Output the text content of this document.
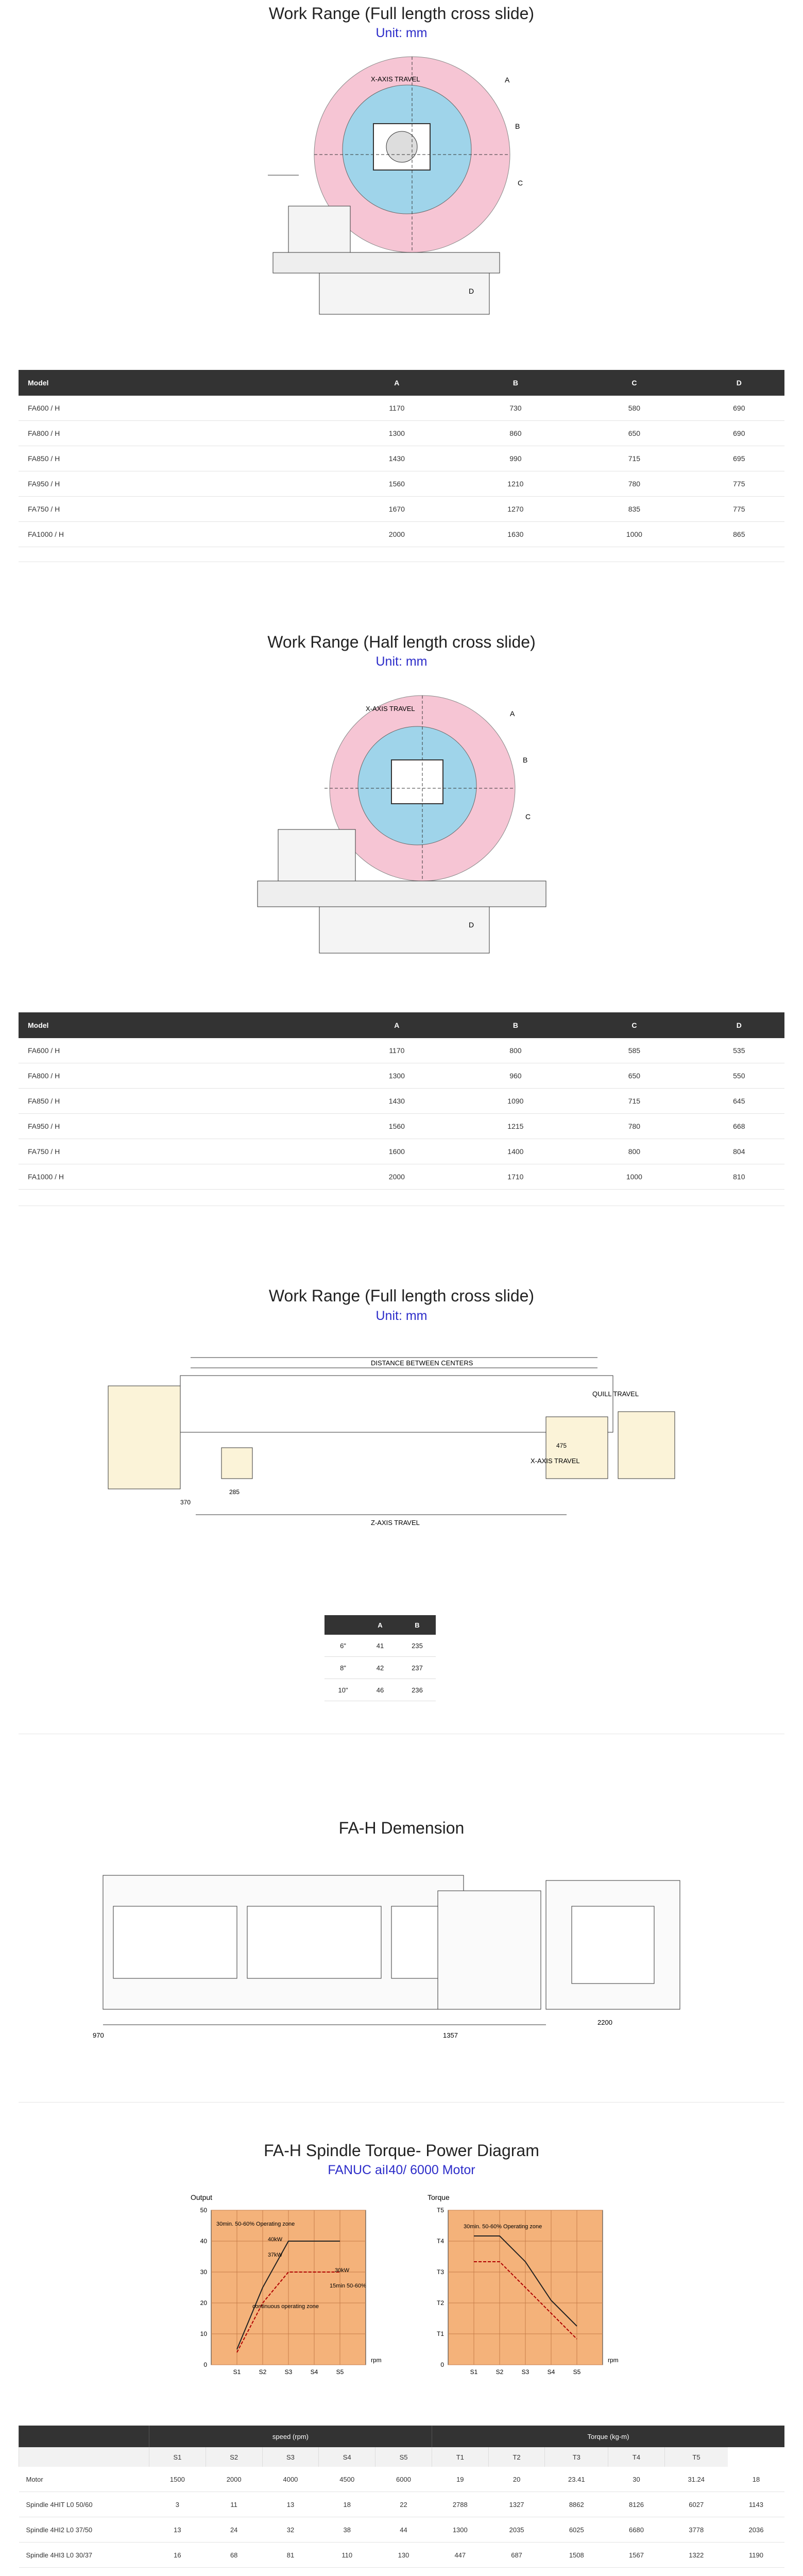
Work Range (Full length cross slide)
Unit: mm
X-AXIS TRAVEL	A
B
C
D
Model	A	B	C	D
FA600 / H	1170	730	580	690
FA800 / H	1300	860	650	690
FA850 / H	1430	990	715	695
FA950 / H	1560	1210	780	775
FA750 / H	1670	1270	835	775
FA1000 / H	2000	1630	1000	865
Work Range (Half length cross slide)
Unit: mm
X-AXIS TRAVEL
A
B
C
D
Model	A	B	C	D
FA600 / H	1170	800	585	535
FA800 / H	1300	960	650	550
FA850 / H	1430	1090	715	645
FA950 / H	1560	1215	780	668
FA750 / H	1600	1400	800	804
FA1000 / H	2000	1710	1000	810
Work Range (Full length cross slide)
Unit: mm
DISTANCE BETWEEN CENTERS
Z-AXIS TRAVEL
QUILL TRAVEL
X-AXIS TRAVEL
285
370
475
	A	B
6"	41	235
8"	42	237
10"	46	236
FA-H Demension
970	1357
2200
FA-H Spindle Torque- Power Diagram
FANUC aiI40/ 6000 Motor
Output
0
10
20
30
40
50
S1	S2	S3	S4	S5
rpm
30min. 50-60% Operating zone
40kW
37kW
continuous operating zone
30kW
15min 50-60%
Torque
0
T1
T2
T3
T4
T5
S1	S2	S3	S4	S5
rpm
30min. 50-60% Operating zone
	speed (rpm)					Torque (kg-m)					
	S1	S2	S3	S4	S5	T1	T2	T3	T4	T5	
Motor	1500	2000	4000	4500	6000	19	20	23.41	30	31.24	18
Spindle 4HIT L0 50/60	3	11	13	18	22	2788	1327	8862	8126	6027	1143
Spindle 4HI2 L0 37/50	13	24	32	38	44	1300	2035	6025	6680	3778	2036
Spindle 4HI3 L0 30/37	16	68	81	110	130	447	687	1508	1567	1322	1190
